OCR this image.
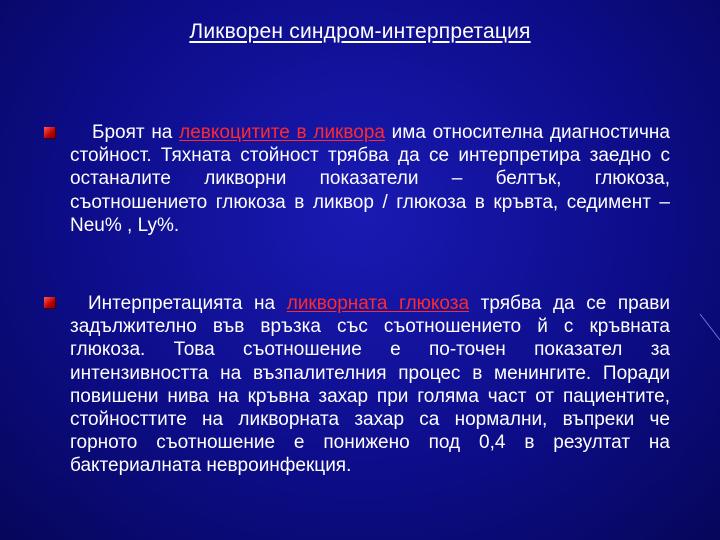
Ликворен синдром-интерпретация
Броят на левкоцитите в ликвора има относителна диагностична стойност. Тяхната стойност трябва да се интерпретира заедно с останалите ликворни показатели – белтък, глюкоза, съотношението глюкоза в ликвор / глюкоза в кръвта, седимент – Neu% , Ly%.
Интерпретацията на ликворната глюкоза трябва да се прави задължително във връзка със съотношението й с кръвната глюкоза. Това съотношение е по-точен показател за интензивността на възпалителния процес в менингите. Поради повишени нива на кръвна захар при голяма част от пациентите, стойносттите на ликворната захар са нормални, въпреки че горното съотношение е понижено под 0,4 в резултат на бактериалната невроинфекция.
